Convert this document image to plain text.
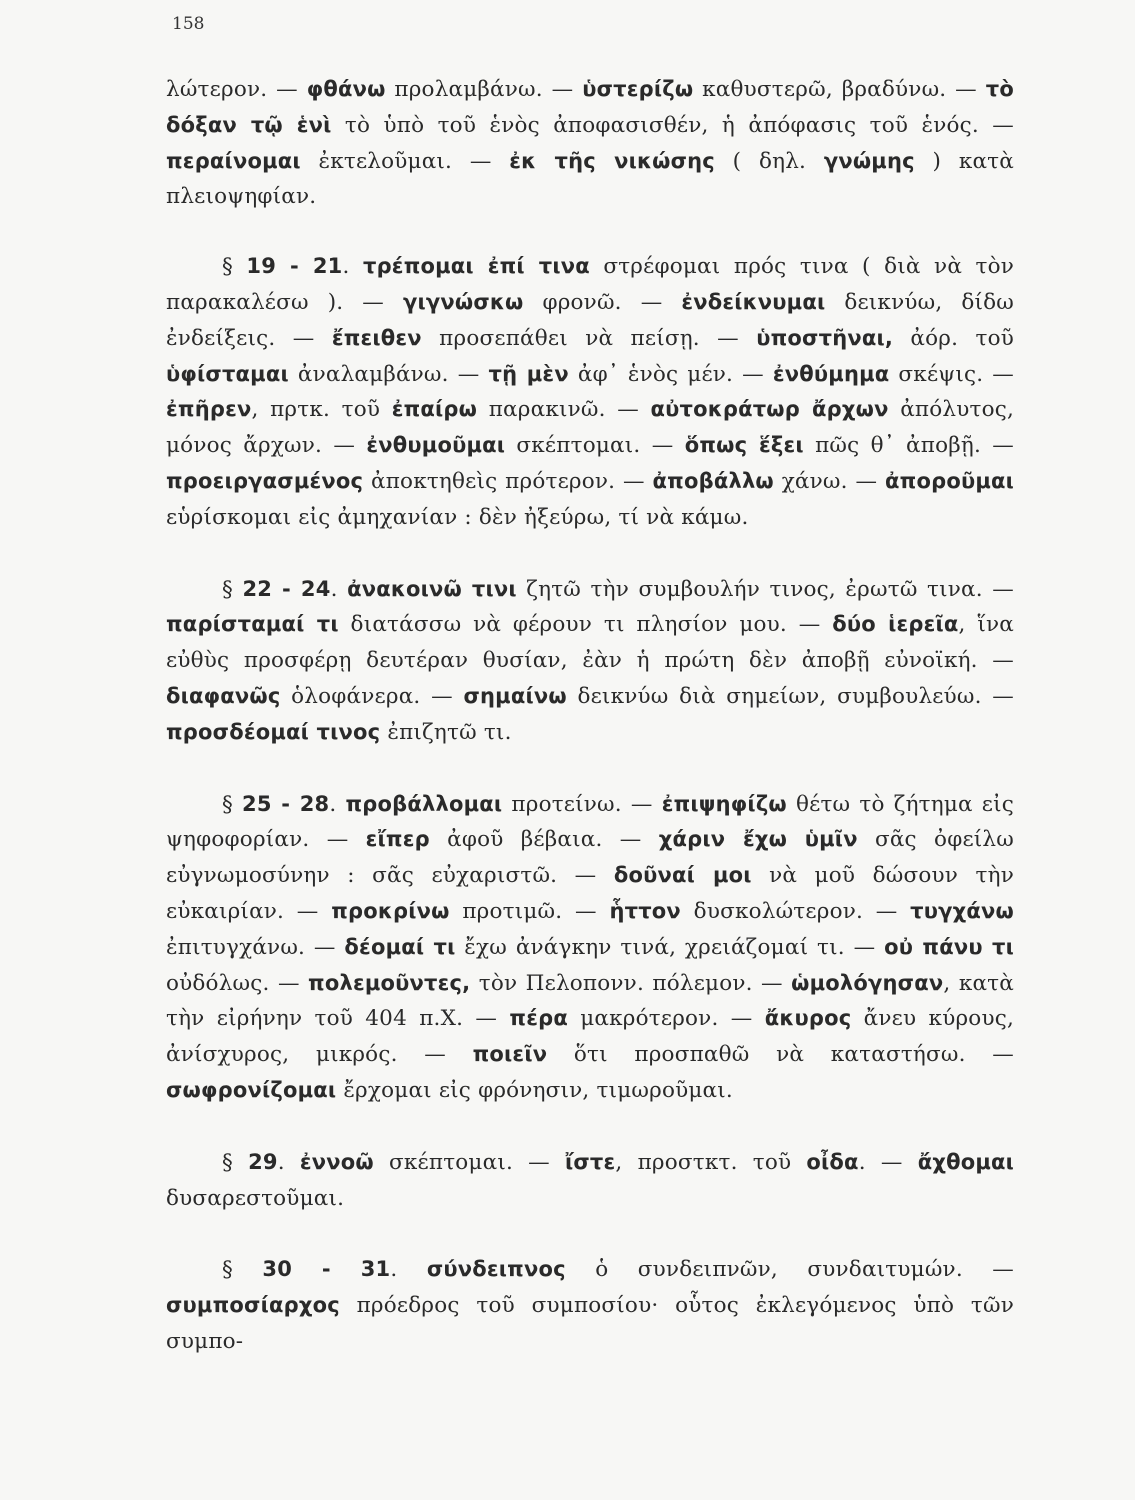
158

λώτερον. — φθάνω προλαμβάνω. — ὑστερίζω καθυστερῶ, βραδύνω. — τὸ δόξαν τῷ ἑνὶ τὸ ὑπὸ τοῦ ἑνὸς ἀποφασισθέν, ἡ ἀπόφασις τοῦ ἑνός. — περαίνομαι ἐκτελοῦμαι. — ἐκ τῆς νικώσης ( δηλ. γνώμης ) κατὰ πλειοψηφίαν.

§ 19 - 21. τρέπομαι ἐπί τινα στρέφομαι πρός τινα ( διὰ νὰ τὸν παρακαλέσω ). — γιγνώσκω φρονῶ. — ἐνδείκνυμαι δεικνύω, δίδω ἐνδείξεις. — ἔπειθεν προσεπάθει νὰ πείσῃ. — ὑποστῆναι, ἀόρ. τοῦ ὑφίσταμαι ἀναλαμβάνω. — τῇ μὲν ἀφ᾿ ἑνὸς μέν. — ἐνθύμημα σκέψις. — ἐπῆρεν, πρτκ. τοῦ ἐπαίρω παρακινῶ. — αὐτοκράτωρ ἄρχων ἀπόλυτος, μόνος ἄρχων. — ἐνθυμοῦμαι σκέπτομαι. — ὅπως ἕξει πῶς θ᾿ ἀποβῇ. — προειργασμένος ἀποκτηθεὶς πρότερον. — ἀποβάλλω χάνω. — ἀποροῦμαι εὑρίσκομαι εἰς ἀμηχανίαν : δὲν ἠξεύρω, τί νὰ κάμω.

§ 22 - 24. ἀνακοινῶ τινι ζητῶ τὴν συμβουλήν τινος, ἐρωτῶ τινα. — παρίσταμαί τι διατάσσω νὰ φέρουν τι πλησίον μου. — δύο ἱερεῖα, ἵνα εὐθὺς προσφέρῃ δευτέραν θυσίαν, ἐὰν ἡ πρώτη δὲν ἀποβῇ εὐνοϊκή. — διαφανῶς ὁλοφάνερα. — σημαίνω δεικνύω διὰ σημείων, συμβουλεύω. — προσδέομαί τινος ἐπιζητῶ τι.

§ 25 - 28. προβάλλομαι προτείνω. — ἐπιψηφίζω θέτω τὸ ζήτημα εἰς ψηφοφορίαν. — εἴπερ ἀφοῦ βέβαια. — χάριν ἔχω ὑμῖν σᾶς ὀφείλω εὐγνωμοσύνην : σᾶς εὐχαριστῶ. — δοῦναί μοι νὰ μοῦ δώσουν τὴν εὐκαιρίαν. — προκρίνω προτιμῶ. — ἧττον δυσκολώτερον. — τυγχάνω ἐπιτυγχάνω. — δέομαί τι ἔχω ἀνάγκην τινά, χρειάζομαί τι. — οὐ πάνυ τι οὐδόλως. — πολεμοῦντες, τὸν Πελοπονν. πόλεμον. — ὡμολόγησαν, κατὰ τὴν εἰρήνην τοῦ 404 π.Χ. — πέρα μακρότερον. — ἄκυρος ἄνευ κύρους, ἀνίσχυρος, μικρός. — ποιεῖν ὅτι προσπαθῶ νὰ καταστήσω. — σωφρονίζομαι ἔρχομαι εἰς φρόνησιν, τιμωροῦμαι.

§ 29. ἐννοῶ σκέπτομαι. — ἴστε, προστκτ. τοῦ οἶδα. — ἄχθομαι δυσαρεστοῦμαι.

§ 30 - 31. σύνδειπνος ὁ συνδειπνῶν, συνδαιτυμών. — συμποσίαρχος πρόεδρος τοῦ συμποσίου· οὗτος ἐκλεγόμενος ὑπὸ τῶν συμπο-
